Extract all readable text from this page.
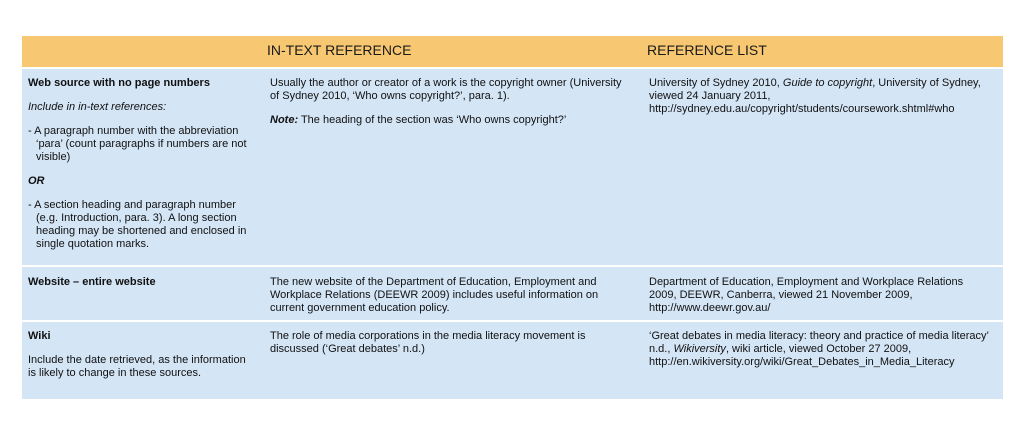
IN-TEXT REFERENCE	REFERENCE LIST

Web source with no page numbers

Include in in-text references:

- A paragraph number with the abbreviation ‘para’ (count paragraphs if numbers are not visible)

OR

- A section heading and paragraph number (e.g. Introduction, para. 3). A long section heading may be shortened and enclosed in single quotation marks.

Usually the author or creator of a work is the copyright owner (University of Sydney 2010, ‘Who owns copyright?’, para. 1).

Note: The heading of the section was ‘Who owns copyright?’

University of Sydney 2010, Guide to copyright, University of Sydney, viewed 24 January 2011, http://sydney.edu.au/copyright/students/coursework.shtml#who

Website – entire website	The new website of the Department of Education, Employment and Workplace Relations (DEEWR 2009) includes useful information on current government education policy.

Department of Education, Employment and Workplace Relations 2009, DEEWR, Canberra, viewed 21 November 2009, http://www.deewr.gov.au/

Wiki

Include the date retrieved, as the information is likely to change in these sources.

The role of media corporations in the media literacy movement is discussed (‘Great debates’ n.d.)

‘Great debates in media literacy: theory and practice of media literacy’ n.d., Wikiversity, wiki article, viewed October 27 2009, http://en.wikiversity.org/wiki/Great_Debates_in_Media_Literacy
